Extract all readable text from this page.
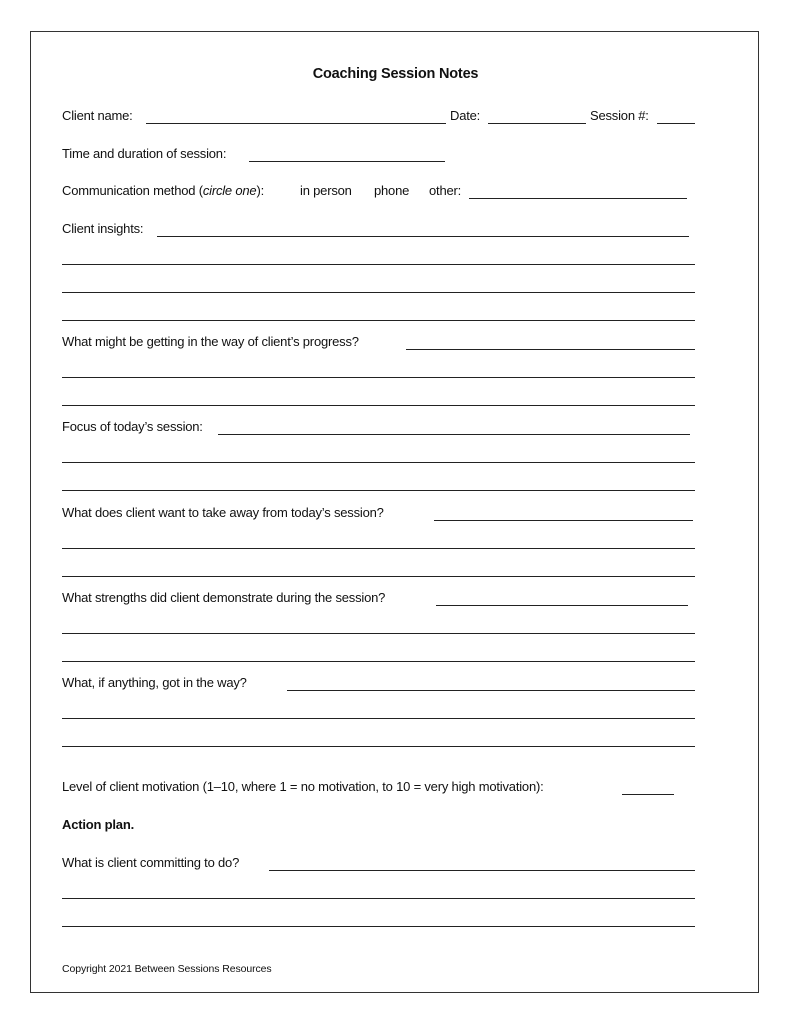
Coaching Session Notes
Client name:	Date:	Session #:
Time and duration of session:
Communication method (circle one):	in person phone other:
Client insights:
What might be getting in the way of client’s progress?
Focus of today’s session:
What does client want to take away from today’s session?
What strengths did client demonstrate during the session?
What, if anything, got in the way?
Level of client motivation (1–10, where 1 = no motivation, to 10 = very high motivation):
Action plan.
What is client committing to do?
Copyright 2021 Between Sessions Resources
